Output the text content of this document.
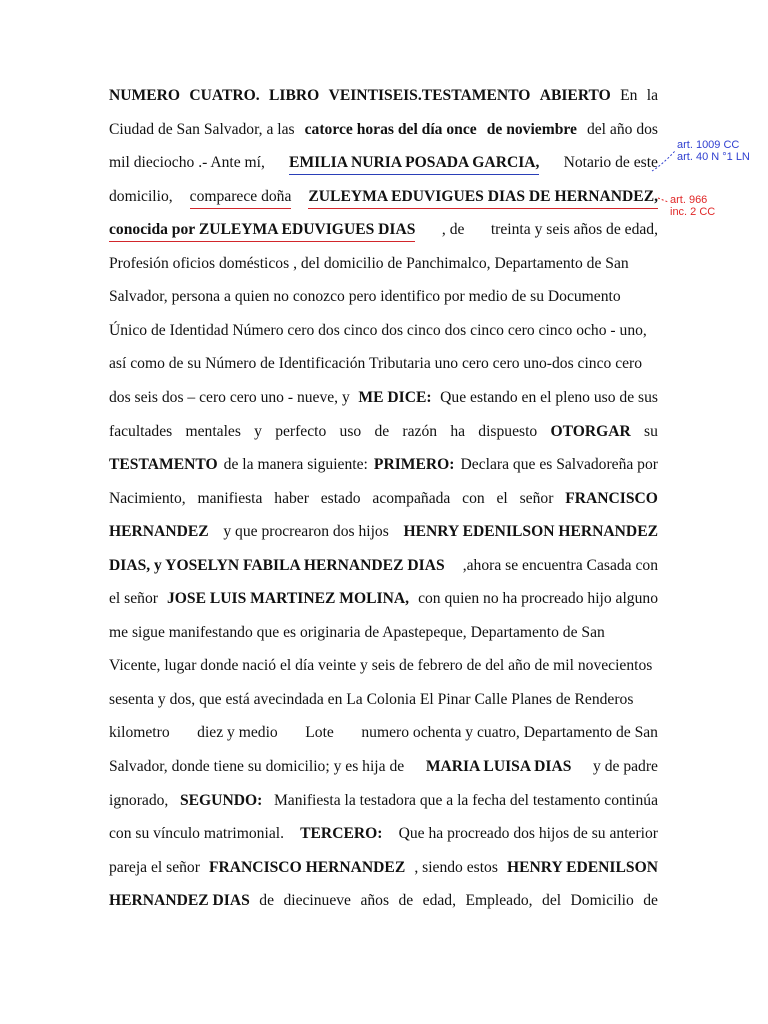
NUMERO CUATRO. LIBRO VEINTISEIS.TESTAMENTO ABIERTO En la
Ciudad de San Salvador, a las catorce horas del día once de noviembre del año dos
mil dieciocho .- Ante mí, EMILIA NURIA POSADA GARCIA, Notario de este
domicilio, comparece doña ZULEYMA EDUVIGUES DIAS DE HERNANDEZ,
conocida por ZULEYMA EDUVIGUES DIAS , de treinta y seis años de edad,
Profesión oficios domésticos , del domicilio de Panchimalco, Departamento de San
Salvador, persona a quien no conozco pero identifico por medio de su Documento
Único de Identidad Número cero dos cinco dos cinco dos cinco cero cinco ocho - uno,
así como de su Número de Identificación Tributaria uno cero cero uno-dos cinco cero
dos seis dos – cero cero uno - nueve, y ME DICE: Que estando en el pleno uso de sus
facultades mentales y perfecto uso de razón ha dispuesto OTORGAR su
TESTAMENTO de la manera siguiente: PRIMERO: Declara que es Salvadoreña por
Nacimiento, manifiesta haber estado acompañada con el señor FRANCISCO
HERNANDEZ y que procrearon dos hijos HENRY EDENILSON HERNANDEZ
DIAS, y YOSELYN FABILA HERNANDEZ DIAS ,ahora se encuentra Casada con
el señor JOSE LUIS MARTINEZ MOLINA, con quien no ha procreado hijo alguno
me sigue manifestando que es originaria de Apastepeque, Departamento de San
Vicente, lugar donde nació el día veinte y seis de febrero de del año de mil novecientos
sesenta y dos, que está avecindada en La Colonia El Pinar Calle Planes de Renderos
kilometro diez y medio Lote numero ochenta y cuatro, Departamento de San
Salvador, donde tiene su domicilio; y es hija de MARIA LUISA DIAS y de padre
ignorado, SEGUNDO: Manifiesta la testadora que a la fecha del testamento continúa
con su vínculo matrimonial. TERCERO: Que ha procreado dos hijos de su anterior
pareja el señor FRANCISCO HERNANDEZ , siendo estos HENRY EDENILSON
HERNANDEZ DIAS de diecinueve años de edad, Empleado, del Domicilio de
art. 1009 CC
art. 40 N °1 LN
art. 966
inc. 2 CC
